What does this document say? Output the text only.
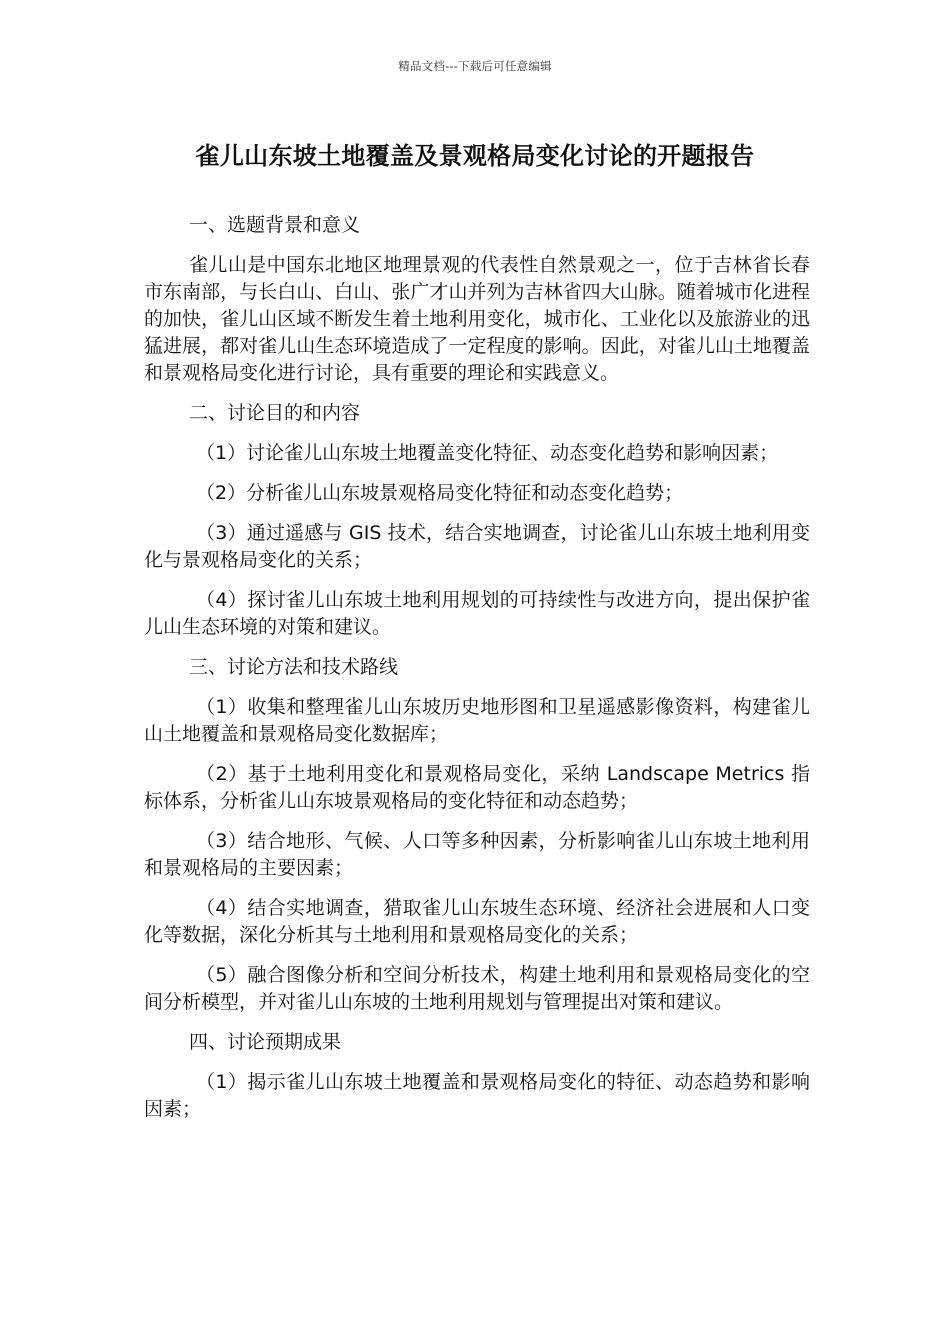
精品文档---下载后可任意编辑
雀儿山东坡土地覆盖及景观格局变化讨论的开题报告

一、选题背景和意义

雀儿山是中国东北地区地理景观的代表性自然景观之一，位于吉林省长春市东南部，与长白山、白山、张广才山并列为吉林省四大山脉。随着城市化进程的加快，雀儿山区域不断发生着土地利用变化，城市化、工业化以及旅游业的迅猛进展，都对雀儿山生态环境造成了一定程度的影响。因此，对雀儿山土地覆盖和景观格局变化进行讨论，具有重要的理论和实践意义。

二、讨论目的和内容

（1）讨论雀儿山东坡土地覆盖变化特征、动态变化趋势和影响因素；

（2）分析雀儿山东坡景观格局变化特征和动态变化趋势；

（3）通过遥感与 GIS 技术，结合实地调查，讨论雀儿山东坡土地利用变化与景观格局变化的关系；

（4）探讨雀儿山东坡土地利用规划的可持续性与改进方向，提出保护雀儿山生态环境的对策和建议。

三、讨论方法和技术路线

（1）收集和整理雀儿山东坡历史地形图和卫星遥感影像资料，构建雀儿山土地覆盖和景观格局变化数据库；

（2）基于土地利用变化和景观格局变化，采纳 Landscape Metrics 指标体系，分析雀儿山东坡景观格局的变化特征和动态趋势；

（3）结合地形、气候、人口等多种因素，分析影响雀儿山东坡土地利用和景观格局的主要因素；

（4）结合实地调查，猎取雀儿山东坡生态环境、经济社会进展和人口变化等数据，深化分析其与土地利用和景观格局变化的关系；

（5）融合图像分析和空间分析技术，构建土地利用和景观格局变化的空间分析模型，并对雀儿山东坡的土地利用规划与管理提出对策和建议。

四、讨论预期成果

（1）揭示雀儿山东坡土地覆盖和景观格局变化的特征、动态趋势和影响因素；
